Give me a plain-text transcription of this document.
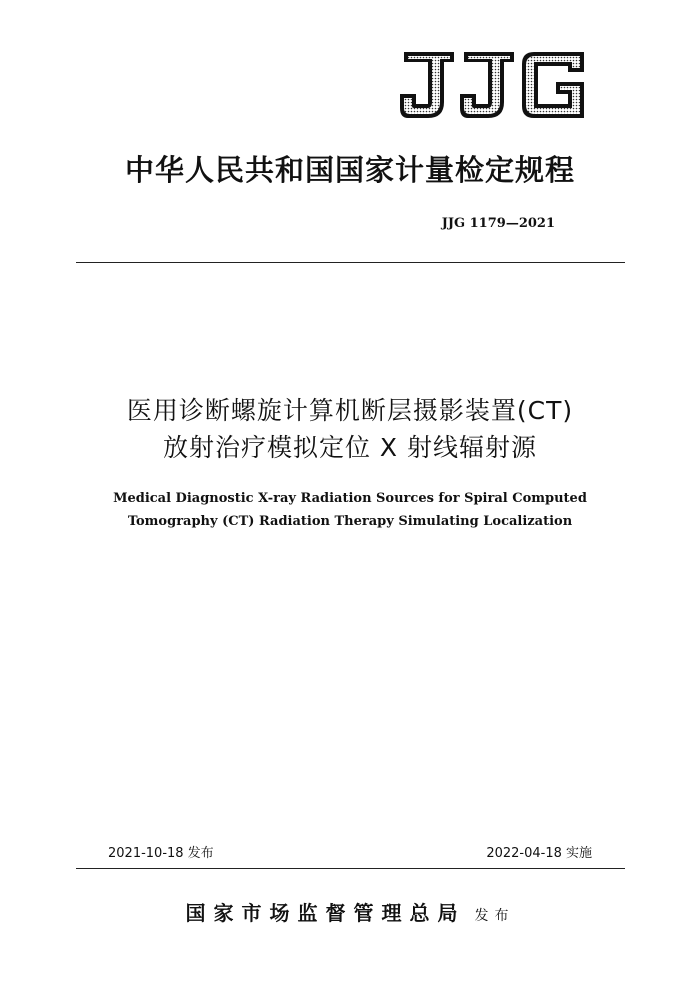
中华人民共和国国家计量检定规程
JJG 1179—2021
医用诊断螺旋计算机断层摄影装置(CT)
放射治疗模拟定位 X 射线辐射源
Medical Diagnostic X-ray Radiation Sources for Spiral Computed
Tomography (CT) Radiation Therapy Simulating Localization
2021-10-18 发布	2022-04-18 实施
国家市场监督管理总局 发布
